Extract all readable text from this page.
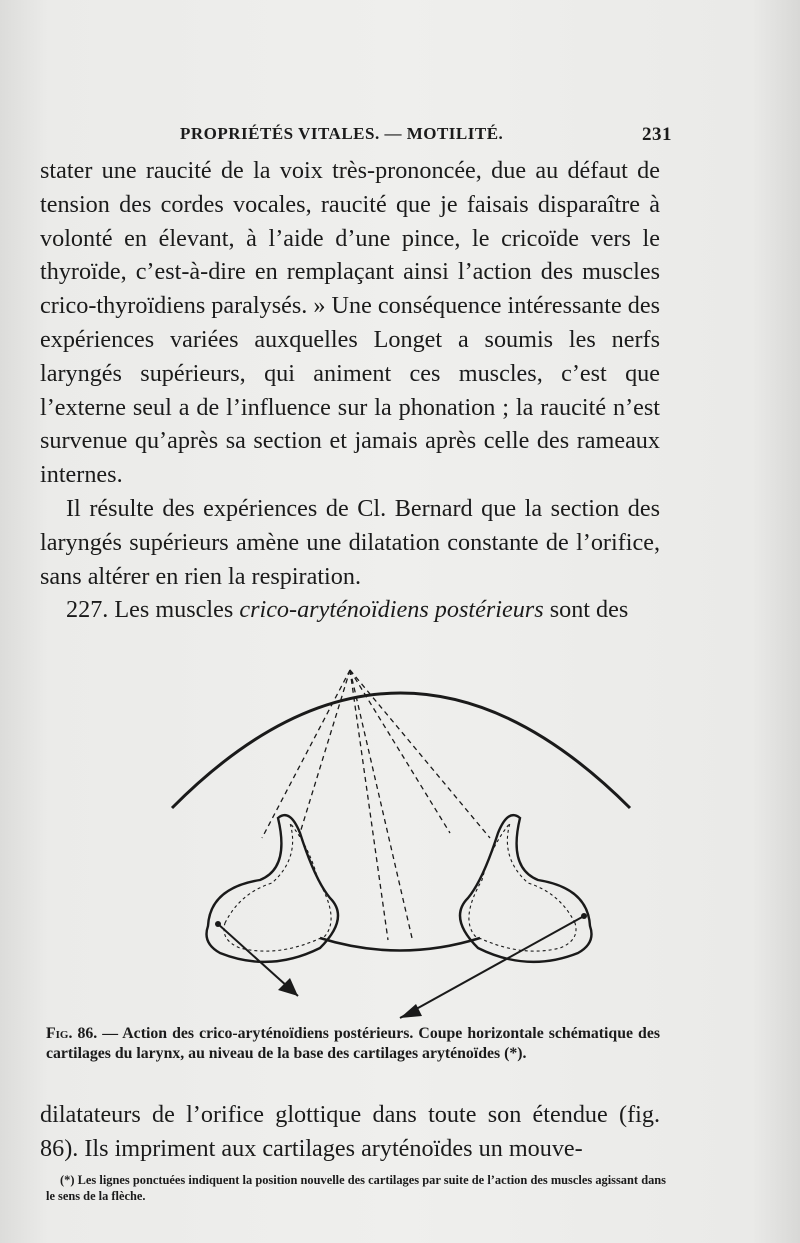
PROPRIÉTÉS VITALES. — MOTILITÉ.	231

stater une raucité de la voix très-prononcée, due au défaut de tension des cordes vocales, raucité que je faisais disparaître à volonté en élevant, à l’aide d’une pince, le cricoïde vers le thyroïde, c’est-à-dire en remplaçant ainsi l’action des muscles crico-thyroïdiens paralysés. » Une conséquence intéressante des expériences variées auxquelles Longet a soumis les nerfs laryngés supérieurs, qui animent ces muscles, c’est que l’externe seul a de l’influence sur la phonation ; la raucité n’est survenue qu’après sa section et jamais après celle des rameaux internes.

Il résulte des expériences de Cl. Bernard que la section des laryngés supérieurs amène une dilatation constante de l’orifice, sans altérer en rien la respiration.

227. Les muscles crico-aryténoïdiens postérieurs sont des

Fig. 86. — Action des crico-aryténoïdiens postérieurs. Coupe horizontale schématique des cartilages du larynx, au niveau de la base des cartilages aryténoïdes (*).

dilatateurs de l’orifice glottique dans toute son étendue (fig. 86). Ils impriment aux cartilages aryténoïdes un mouve-

(*) Les lignes ponctuées indiquent la position nouvelle des cartilages par suite de l’action des muscles agissant dans le sens de la flèche.
